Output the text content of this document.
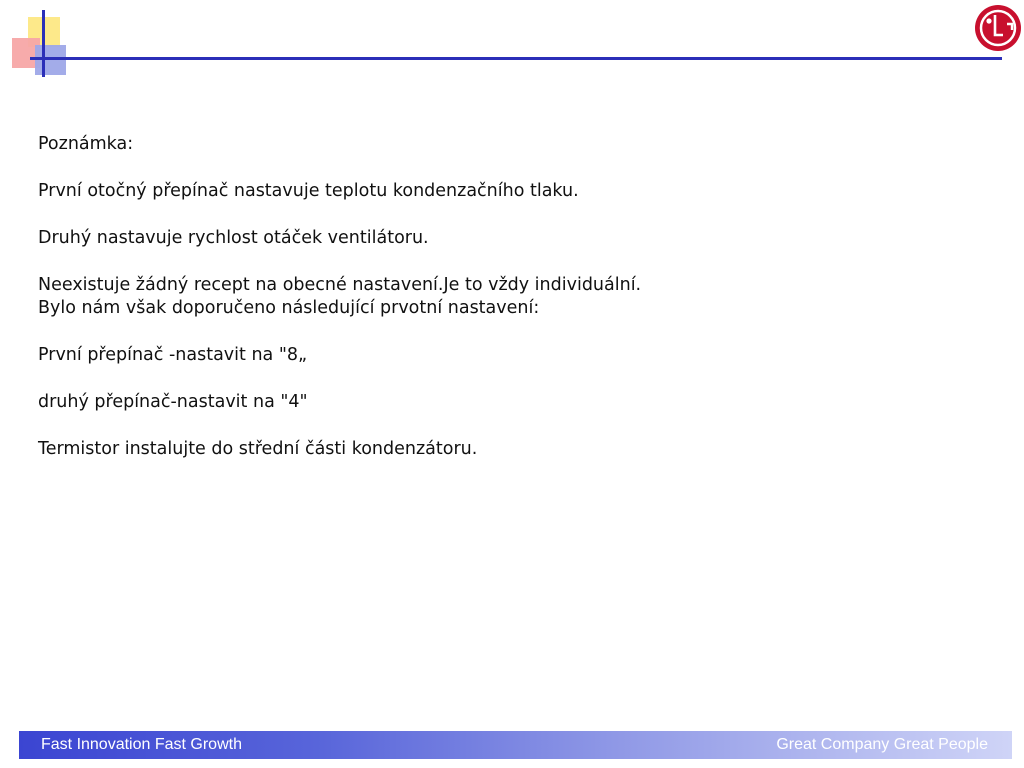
Poznámka:

První otočný přepínač nastavuje teplotu kondenzačního tlaku.

Druhý nastavuje rychlost otáček ventilátoru.

Neexistuje žádný recept na obecné nastavení.Je to vždy individuální.

Bylo nám však doporučeno následující prvotní nastavení:

První přepínač -nastavit na "8„

druhý přepínač-nastavit na "4"

Termistor instalujte do střední části kondenzátoru.

Fast Innovation Fast Growth	Great Company Great People
